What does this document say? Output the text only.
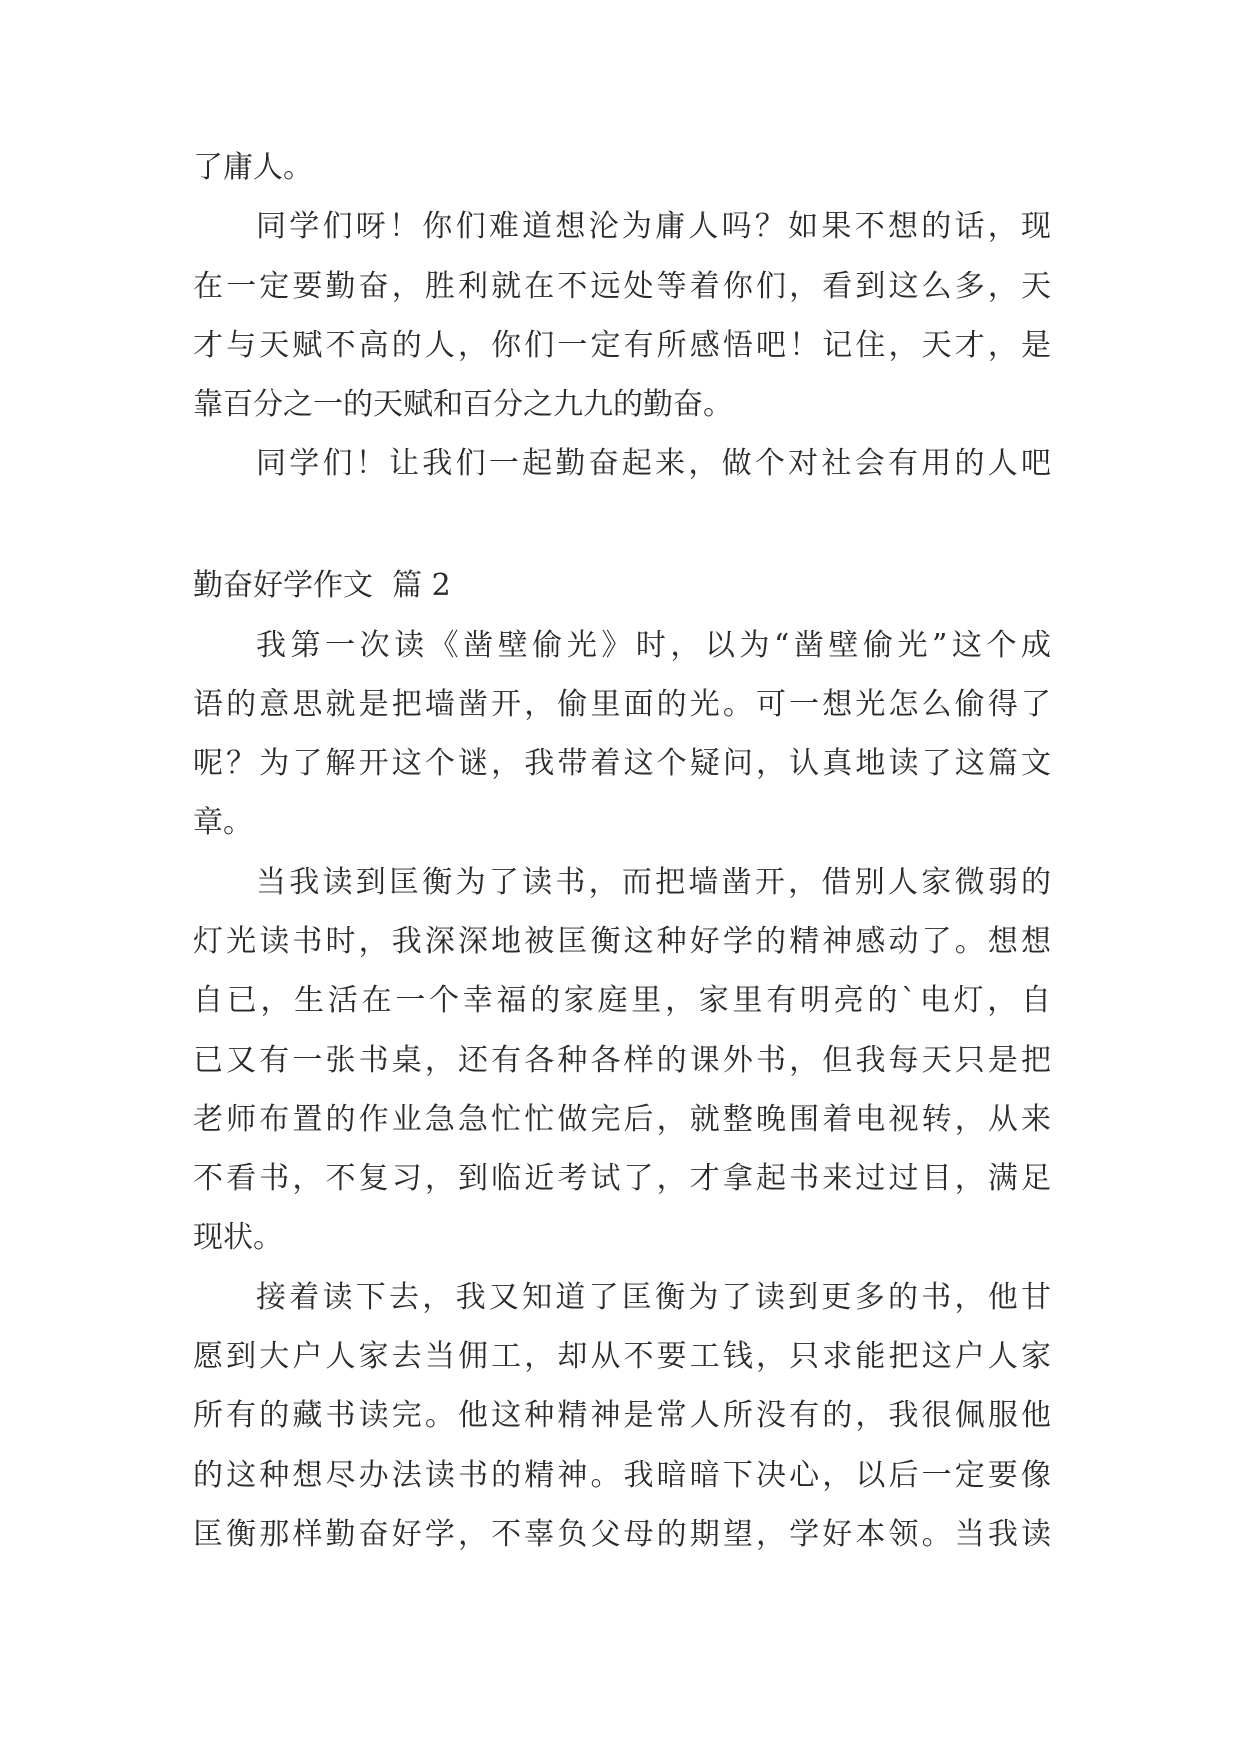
了庸人。
同学们呀！你们难道想沦为庸人吗？如果不想的话，现
在一定要勤奋，胜利就在不远处等着你们，看到这么多，天
才与天赋不高的人，你们一定有所感悟吧！记住，天才，是
靠百分之一的天赋和百分之九九的勤奋。
同学们！让我们一起勤奋起来，做个对社会有用的人吧
勤奋好学作文  篇 2
我第一次读《凿壁偷光》时，以为“凿壁偷光”这个成
语的意思就是把墙凿开，偷里面的光。可一想光怎么偷得了
呢？为了解开这个谜，我带着这个疑问，认真地读了这篇文
章。
当我读到匡衡为了读书，而把墙凿开，借别人家微弱的
灯光读书时，我深深地被匡衡这种好学的精神感动了。想想
自已，生活在一个幸福的家庭里，家里有明亮的`电灯，自
已又有一张书桌，还有各种各样的课外书，但我每天只是把
老师布置的作业急急忙忙做完后，就整晚围着电视转，从来
不看书，不复习，到临近考试了，才拿起书来过过目，满足
现状。
接着读下去，我又知道了匡衡为了读到更多的书，他甘
愿到大户人家去当佣工，却从不要工钱，只求能把这户人家
所有的藏书读完。他这种精神是常人所没有的，我很佩服他
的这种想尽办法读书的精神。我暗暗下决心，以后一定要像
匡衡那样勤奋好学，不辜负父母的期望，学好本领。当我读
